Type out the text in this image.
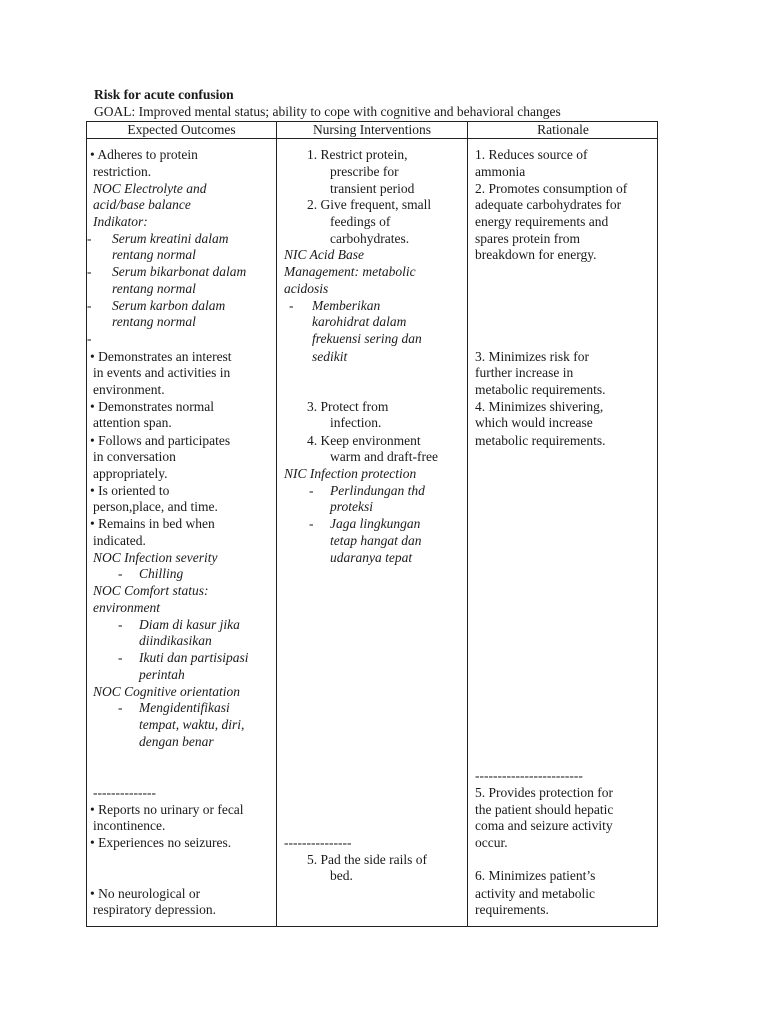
Risk for acute confusion
GOAL: Improved mental status; ability to cope with cognitive and behavioral changes
Expected Outcomes	Nursing Interventions	Rationale
• Adheres to protein
restriction.
NOC Electrolyte and
acid/base balance
Indikator:
- Serum kreatini dalam
rentang normal
- Serum bikarbonat dalam
rentang normal
- Serum karbon dalam
rentang normal
-
• Demonstrates an interest
in events and activities in
environment.
• Demonstrates normal
attention span.
• Follows and participates
in conversation
appropriately.
• Is oriented to
person,place, and time.
• Remains in bed when
indicated.
NOC Infection severity
- Chilling
NOC Comfort status:
environment
- Diam di kasur jika
diindikasikan
- Ikuti dan partisipasi
perintah
NOC Cognitive orientation
- Mengidentifikasi
tempat, waktu, diri,
dengan benar
--------------
• Reports no urinary or fecal
incontinence.
• Experiences no seizures.
• No neurological or
respiratory depression.
1. Restrict protein,
prescribe for
transient period
2. Give frequent, small
feedings of
carbohydrates.
NIC Acid Base
Management: metabolic
acidosis
- Memberikan
karohidrat dalam
frekuensi sering dan
sedikit
3. Protect from
infection.
4. Keep environment
warm and draft-free
NIC Infection protection
- Perlindungan thd
proteksi
- Jaga lingkungan
tetap hangat dan
udaranya tepat
---------------
5. Pad the side rails of
bed.
1. Reduces source of
ammonia
2. Promotes consumption of
adequate carbohydrates for
energy requirements and
spares protein from
breakdown for energy.
3. Minimizes risk for
further increase in
metabolic requirements.
4. Minimizes shivering,
which would increase
metabolic requirements.
------------------------
5. Provides protection for
the patient should hepatic
coma and seizure activity
occur.
6. Minimizes patient’s
activity and metabolic
requirements.
